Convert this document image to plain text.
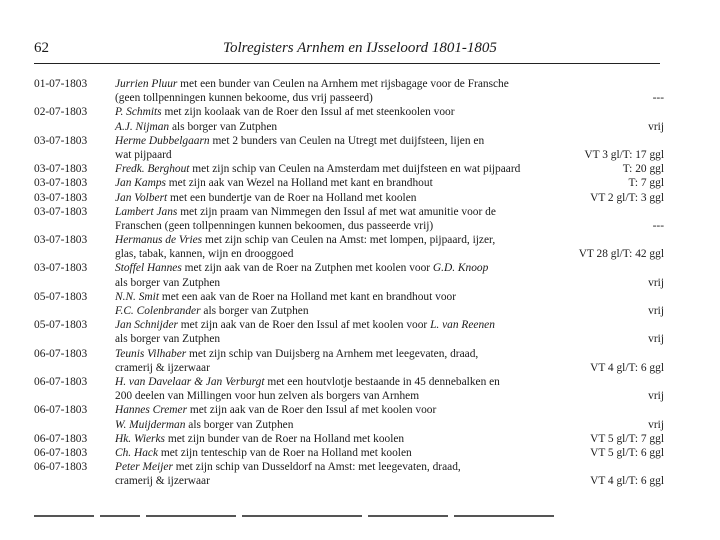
62	Tolregisters Arnhem en IJsseloord 1801-1805
01-07-1803	Jurrien Pluur met een bunder van Ceulen na Arnhem met rijsbagage voor de Fransche
(geen tollpenningen kunnen bekoome, dus vrij passeerd)	---
02-07-1803	P. Schmits met zijn koolaak van de Roer den Issul af met steenkoolen voor
A.J. Nijman als borger van Zutphen	vrij
03-07-1803	Herme Dubbelgaarn met 2 bunders van Ceulen na Utregt met duijfsteen, lijen en
wat pijpaard	VT 3 gl/T: 17 ggl
03-07-1803	Fredk. Berghout met zijn schip van Ceulen na Amsterdam met duijfsteen en wat pijpaard	T: 20 ggl
03-07-1803	Jan Kamps met zijn aak van Wezel na Holland met kant en brandhout	T: 7 ggl
03-07-1803	Jan Volbert met een bundertje van de Roer na Holland met koolen	VT 2 gl/T: 3 ggl
03-07-1803	Lambert Jans met zijn praam van Nimmegen den Issul af met wat amunitie voor de
Franschen (geen tollpenningen kunnen bekoomen, dus passeerde vrij)	---
03-07-1803	Hermanus de Vries met zijn schip van Ceulen na Amst: met lompen, pijpaard, ijzer,
glas, tabak, kannen, wijn en drooggoed	VT 28 gl/T: 42 ggl
03-07-1803	Stoffel Hannes met zijn aak van de Roer na Zutphen met koolen voor G.D. Knoop
als borger van Zutphen	vrij
05-07-1803	N.N. Smit met een aak van de Roer na Holland met kant en brandhout voor
F.C. Colenbrander als borger van Zutphen	vrij
05-07-1803	Jan Schnijder met zijn aak van de Roer den Issul af met koolen voor L. van Reenen
als borger van Zutphen	vrij
06-07-1803	Teunis Vilhaber met zijn schip van Duijsberg na Arnhem met leegevaten, draad,
cramerij & ijzerwaar	VT 4 gl/T: 6 ggl
06-07-1803	H. van Davelaar & Jan Verburgt met een houtvlotje bestaande in 45 dennebalken en
200 deelen van Millingen voor hun zelven als borgers van Arnhem	vrij
06-07-1803	Hannes Cremer met zijn aak van de Roer den Issul af met koolen voor
W. Muijderman als borger van Zutphen	vrij
06-07-1803	Hk. Wierks met zijn bunder van de Roer na Holland met koolen	VT 5 gl/T: 7 ggl
06-07-1803	Ch. Hack met zijn tenteschip van de Roer na Holland met koolen	VT 5 gl/T: 6 ggl
06-07-1803	Peter Meijer met zijn schip van Dusseldorf na Amst: met leegevaten, draad,
cramerij & ijzerwaar	VT 4 gl/T: 6 ggl
